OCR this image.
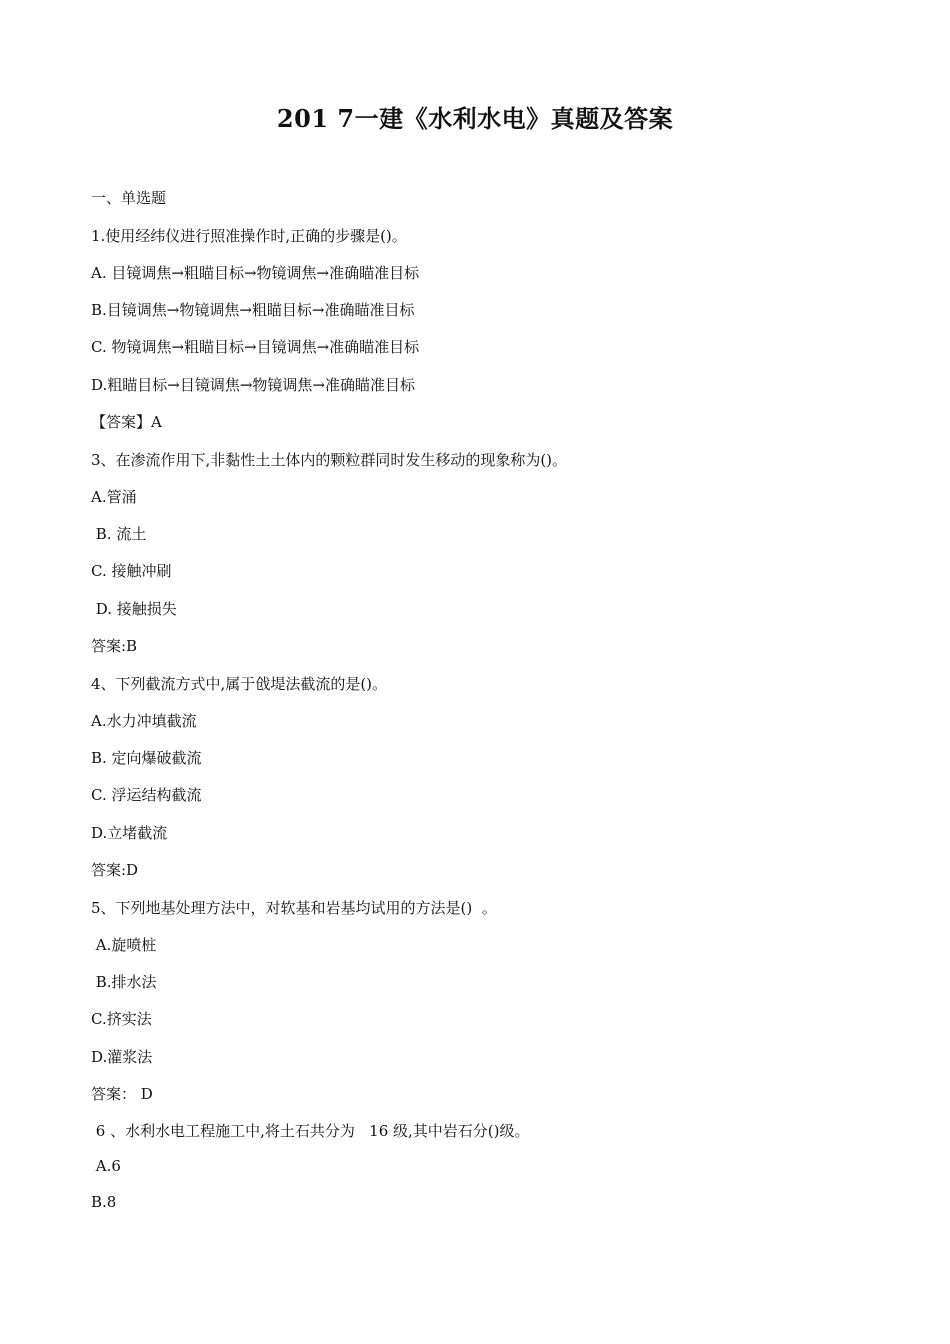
201 7一建《水利水电》真题及答案
一、单选题
1.使用经纬仪进行照准操作时,正确的步骤是()。
A. 目镜调焦→粗瞄目标→物镜调焦→准确瞄准目标
B.目镜调焦→物镜调焦→粗瞄目标→准确瞄准目标
C. 物镜调焦→粗瞄目标→目镜调焦→准确瞄准目标
D.粗瞄目标→目镜调焦→物镜调焦→准确瞄准目标
【答案】A
3、在渗流作用下,非黏性土土体内的颗粒群同时发生移动的现象称为()。
A.管涌
B. 流土
C. 接触冲刷
D. 接触损失
答案:B
4、下列截流方式中,属于戗堤法截流的是()。
A.水力冲填截流
B. 定向爆破截流
C. 浮运结构截流
D.立堵截流
答案:D
5、下列地基处理方法中，对软基和岩基均试用的方法是()  。
A.旋喷桩
B.排水法
C.挤实法
D.灌浆法
答案： D
6 、水利水电工程施工中,将土石共分为   16 级,其中岩石分()级。
A.6
B.8
